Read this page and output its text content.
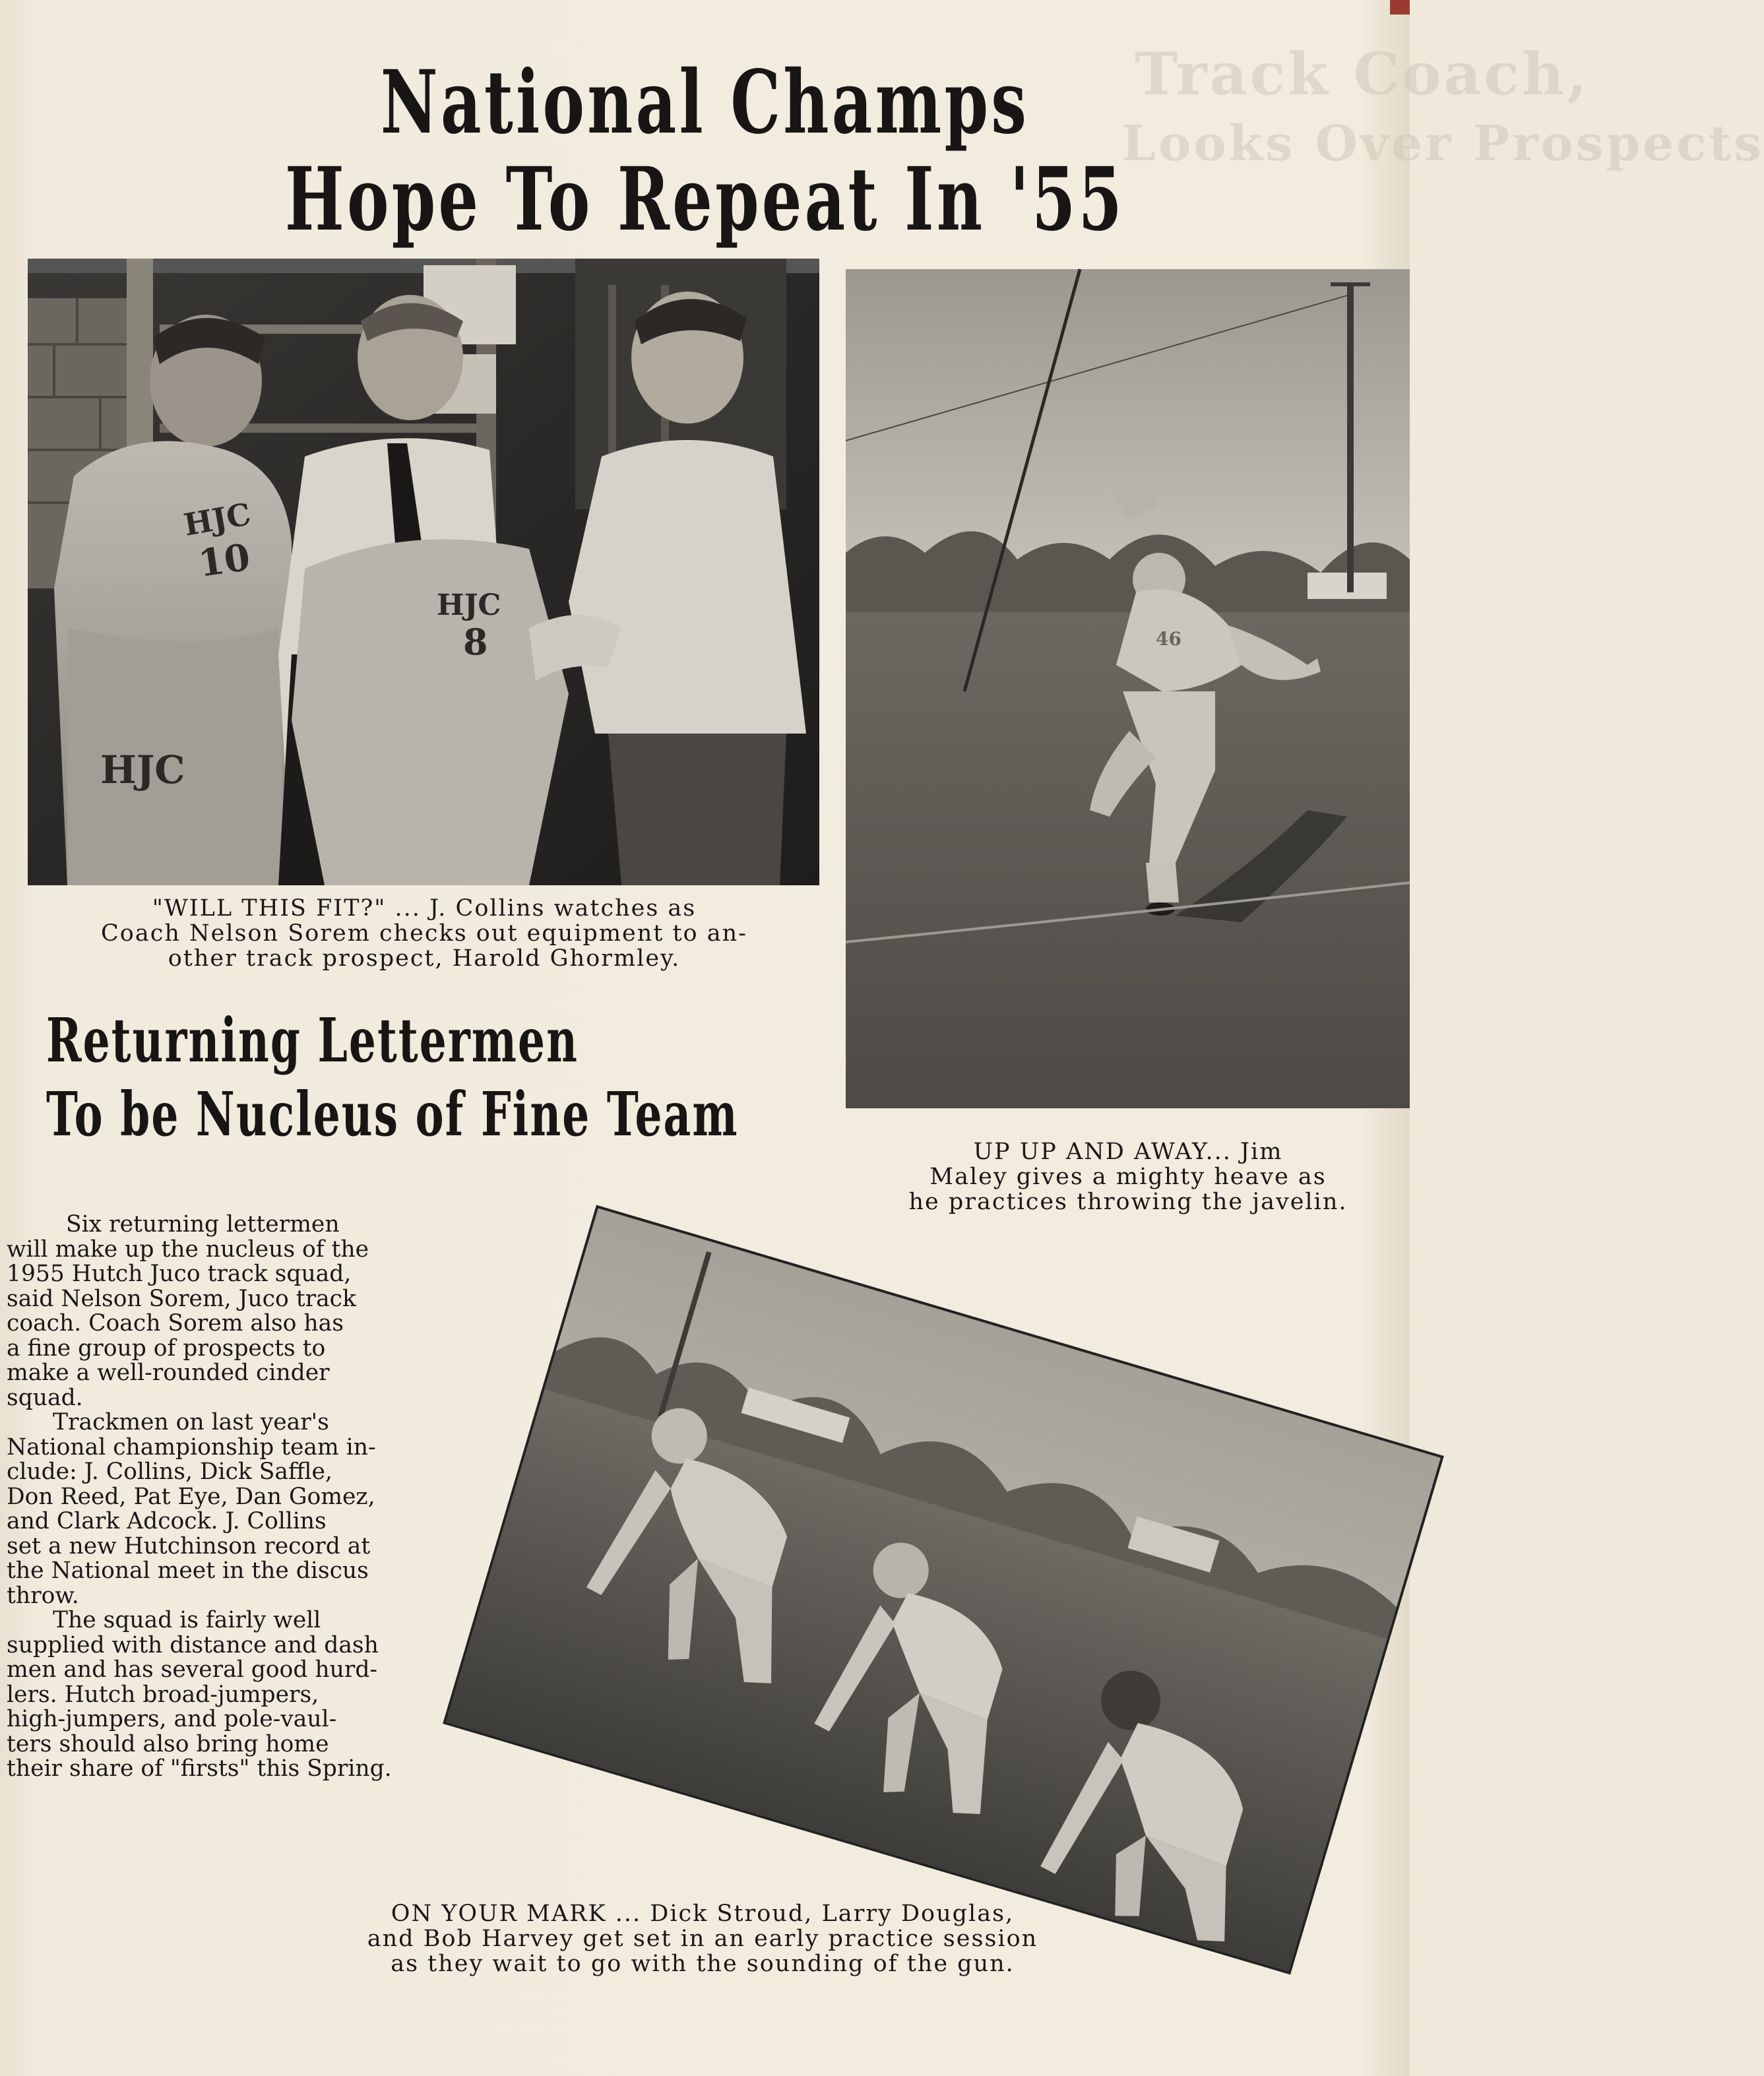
Track Coach,
Looks Over Prospects
National Champs
Hope To Repeat In '55
HJC
10
HJC
HJC
8
"WILL THIS FIT?" ... J. Collins watches as
Coach Nelson Sorem checks out equipment to an-
other track prospect, Harold Ghormley.
46
UP UP AND AWAY... Jim
Maley gives a mighty heave as
he practices throwing the javelin.
Returning Lettermen
To be Nucleus of Fine Team
Six returning lettermen
will make up the nucleus of the
1955 Hutch Juco track squad,
said Nelson Sorem, Juco track
coach. Coach Sorem also has
a fine group of prospects to
make a well-rounded cinder
squad.
Trackmen on last year's
National championship team in-
clude: J. Collins, Dick Saffle,
Don Reed, Pat Eye, Dan Gomez,
and Clark Adcock. J. Collins
set a new Hutchinson record at
the National meet in the discus
throw.
The squad is fairly well
supplied with distance and dash
men and has several good hurd-
lers. Hutch broad-jumpers,
high-jumpers, and pole-vaul-
ters should also bring home
their share of "firsts" this Spring.
ON YOUR MARK ... Dick Stroud, Larry Douglas,
and Bob Harvey get set in an early practice session
as they wait to go with the sounding of the gun.
